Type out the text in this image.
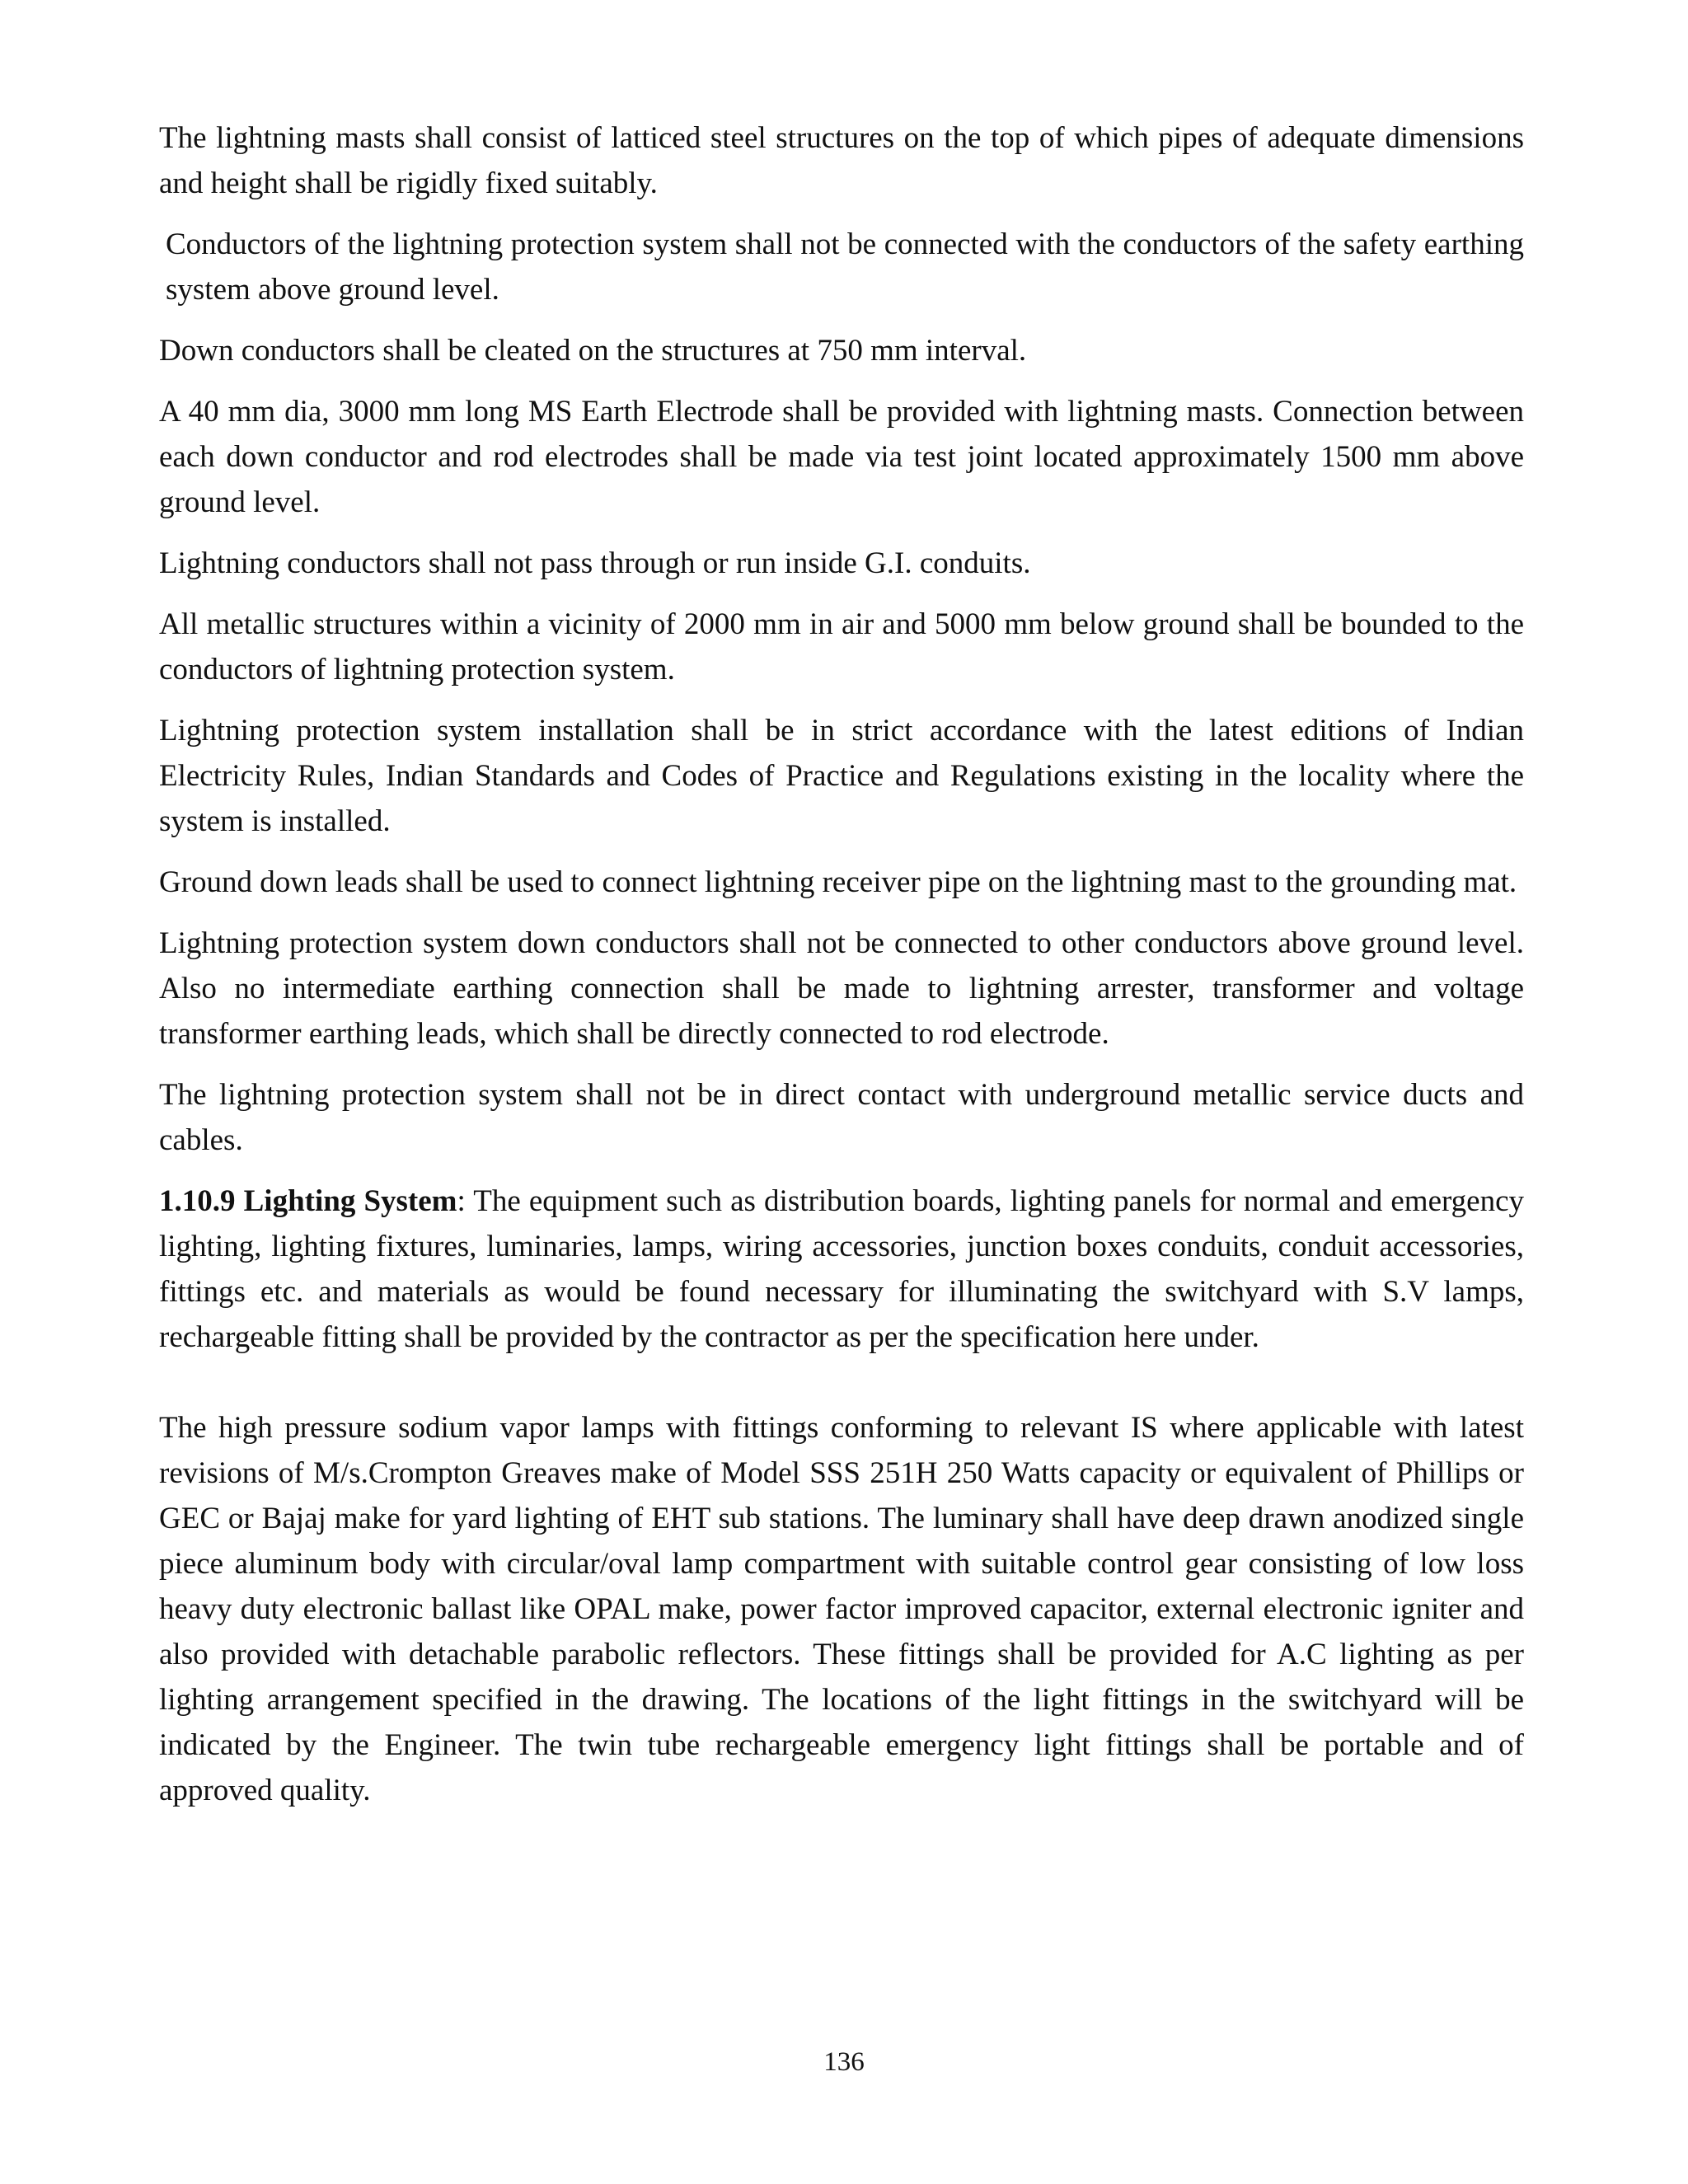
The lightning masts shall consist of latticed steel structures on the top of which pipes of adequate dimensions and height shall be rigidly fixed suitably.

Conductors of the lightning protection system shall not be connected with the conductors of the safety earthing system above ground level.

Down conductors shall be cleated on the structures at 750 mm interval.

A 40 mm dia, 3000 mm long MS Earth Electrode shall be provided with lightning masts. Connection between each down conductor and rod electrodes shall be made via test joint located approximately 1500 mm above ground level.

Lightning conductors shall not pass through or run inside G.I. conduits.

All metallic structures within a vicinity of 2000 mm in air and 5000 mm below ground shall be bounded to the conductors of lightning protection system.

Lightning protection system installation shall be in strict accordance with the latest editions of Indian Electricity Rules, Indian Standards and Codes of Practice and Regulations existing in the locality where the system is installed.

Ground down leads shall be used to connect lightning receiver pipe on the lightning mast to the grounding mat.

Lightning protection system down conductors shall not be connected to other conductors above ground level. Also no intermediate earthing connection shall be made to lightning arrester, transformer and voltage transformer earthing leads, which shall be directly connected to rod electrode.

The lightning protection system shall not be in direct contact with underground metallic service ducts and cables.

1.10.9 Lighting System: The equipment such as distribution boards, lighting panels for normal and emergency lighting, lighting fixtures, luminaries, lamps, wiring accessories, junction boxes conduits, conduit accessories, fittings etc. and materials as would be found necessary for illuminating the switchyard with S.V lamps, rechargeable fitting shall be provided by the contractor as per the specification here under.

The high pressure sodium vapor lamps with fittings conforming to relevant IS where applicable with latest revisions of M/s.Crompton Greaves make of Model SSS 251H 250 Watts capacity or equivalent of Phillips or GEC or Bajaj make for yard lighting of EHT sub stations. The luminary shall have deep drawn anodized single piece aluminum body with circular/oval lamp compartment with suitable control gear consisting of low loss heavy duty electronic ballast like OPAL make, power factor improved capacitor, external electronic igniter and also provided with detachable parabolic reflectors. These fittings shall be provided for A.C lighting as per lighting arrangement specified in the drawing. The locations of the light fittings in the switchyard will be indicated by the Engineer. The twin tube rechargeable emergency light fittings shall be portable and of approved quality.

136
